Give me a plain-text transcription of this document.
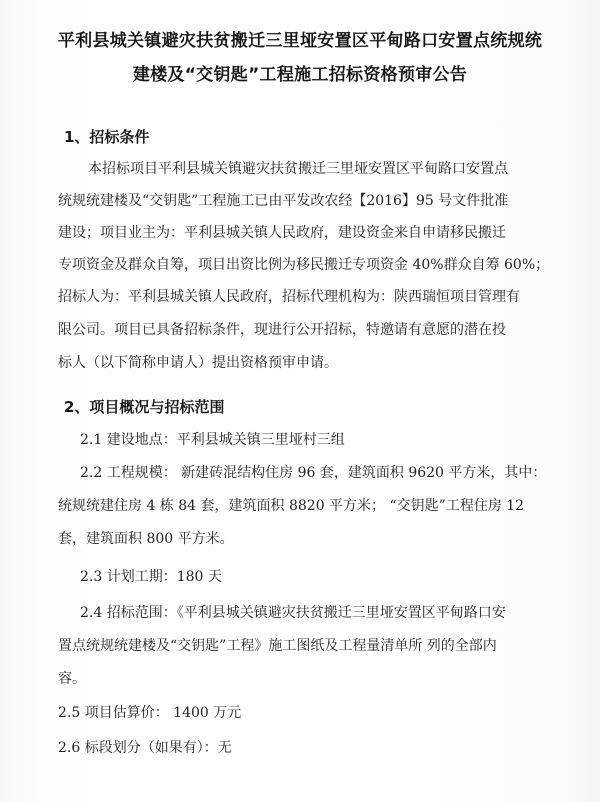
平利县城关镇避灾扶贫搬迁三里垭安置区平甸路口安置点统规统
建楼及“交钥匙”工程施工招标资格预审公告
1、招标条件
本招标项目平利县城关镇避灾扶贫搬迁三里垭安置区平甸路口安置点
统规统建楼及“交钥匙”工程施工已由平发改农经【2016】95 号文件批准
建设；项目业主为：平利县城关镇人民政府，建设资金来自申请移民搬迁
专项资金及群众自筹，项目出资比例为移民搬迁专项资金 40%群众自筹 60%；
招标人为：平利县城关镇人民政府，招标代理机构为：陕西瑞恒项目管理有
限公司。项目已具备招标条件，现进行公开招标，特邀请有意愿的潜在投
标人（以下简称申请人）提出资格预审申请。
2、项目概况与招标范围
2.1 建设地点：平利县城关镇三里垭村三组
2.2 工程规模： 新建砖混结构住房 96 套，建筑面积 9620 平方米，其中：
统规统建住房 4 栋 84 套，建筑面积 8820 平方米； “交钥匙”工程住房 12
套，建筑面积 800 平方米。
2.3 计划工期：180 天
2.4 招标范围：《平利县城关镇避灾扶贫搬迁三里垭安置区平甸路口安
置点统规统建楼及“交钥匙”工程》施工图纸及工程量清单所 列的全部内
容。
2.5 项目估算价： 1400 万元
2.6 标段划分（如果有）：无
